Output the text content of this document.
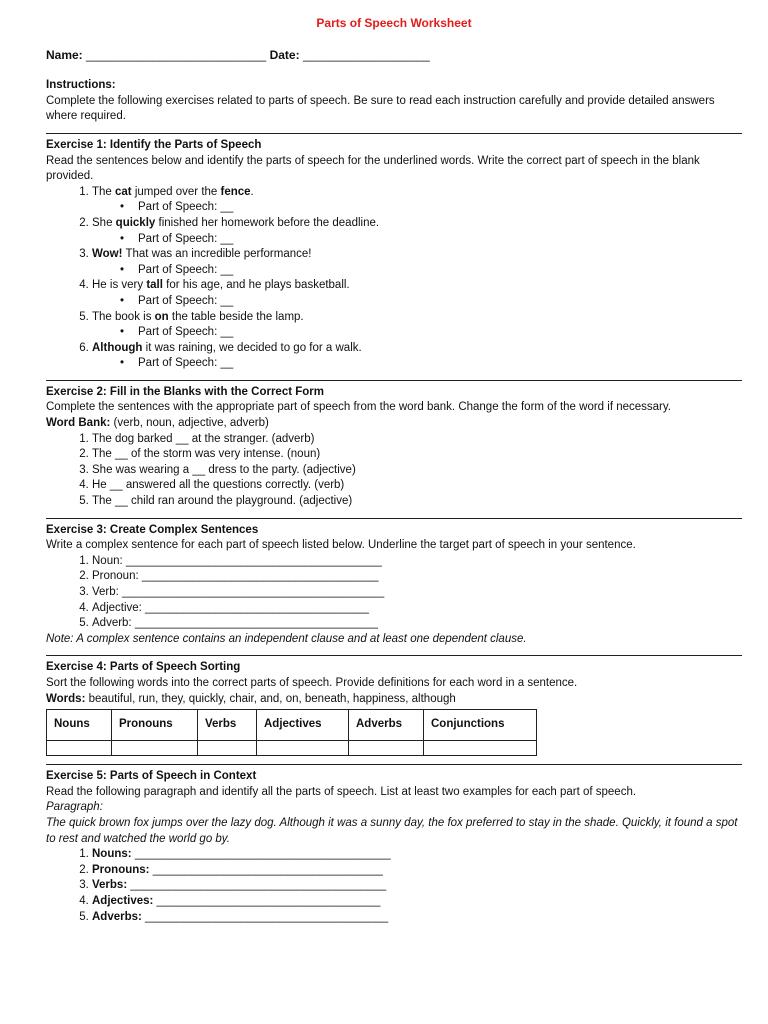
Parts of Speech Worksheet
Name: ___________________________ Date: ___________________
Instructions:

Complete the following exercises related to parts of speech. Be sure to read each instruction carefully and provide detailed answers where required.

Exercise 1: Identify the Parts of Speech

Read the sentences below and identify the parts of speech for the underlined words. Write the correct part of speech in the blank provided.

1. The cat jumped over the fence.
• Part of Speech: __
2. She quickly finished her homework before the deadline.
• Part of Speech: __
3. Wow! That was an incredible performance!
• Part of Speech: __
4. He is very tall for his age, and he plays basketball.
• Part of Speech: __
5. The book is on the table beside the lamp.
• Part of Speech: __
6. Although it was raining, we decided to go for a walk.
• Part of Speech: __
Exercise 2: Fill in the Blanks with the Correct Form

Complete the sentences with the appropriate part of speech from the word bank. Change the form of the word if necessary.

Word Bank: (verb, noun, adjective, adverb)

1. The dog barked __ at the stranger. (adverb)
2. The __ of the storm was very intense. (noun)
3. She was wearing a __ dress to the party. (adjective)
4. He __ answered all the questions correctly. (verb)
5. The __ child ran around the playground. (adjective)
Exercise 3: Create Complex Sentences

Write a complex sentence for each part of speech listed below. Underline the target part of speech in your sentence.

1. Noun: ________________________________________
2. Pronoun: _____________________________________
3. Verb: _________________________________________
4. Adjective: ___________________________________
5. Adverb: ______________________________________

Note: A complex sentence contains an independent clause and at least one dependent clause.

Exercise 4: Parts of Speech Sorting

Sort the following words into the correct parts of speech. Provide definitions for each word in a sentence.

Words: beautiful, run, they, quickly, chair, and, on, beneath, happiness, although

Nouns	Pronouns	Verbs	Adjectives	Adverbs	Conjunctions

Exercise 5: Parts of Speech in Context

Read the following paragraph and identify all the parts of speech. List at least two examples for each part of speech.

Paragraph:

The quick brown fox jumps over the lazy dog. Although it was a sunny day, the fox preferred to stay in the shade. Quickly, it found a spot to rest and watched the world go by.

1. Nouns: ________________________________________
2. Pronouns: ____________________________________
3. Verbs: ________________________________________
4. Adjectives: ___________________________________
5. Adverbs: ______________________________________
